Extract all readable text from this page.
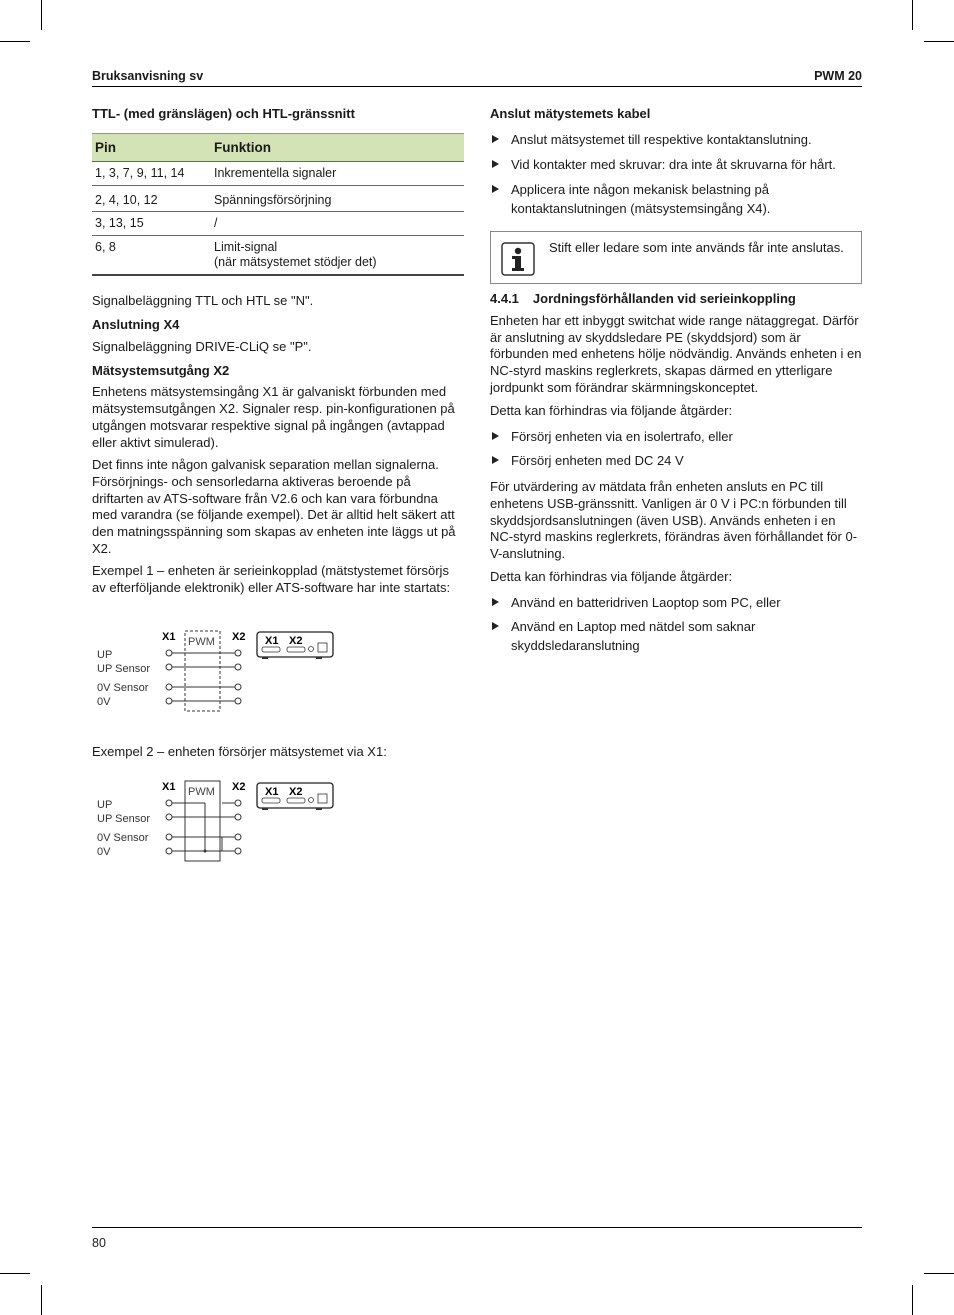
Bruksanvisning sv	PWM 20
TTL- (med gränslägen) och HTL-gränssnitt
Pin	Funktion
1, 3, 7, 9, 11, 14	Inkrementella signaler
2, 4, 10, 12	Spänningsförsörjning
3, 13, 15	/
6, 8	Limit-signal
(när mätsystemet stödjer det)

Signalbeläggning TTL och HTL se "N".

Anslutning X4

Signalbeläggning DRIVE-CLiQ se "P".

Mätsystemsutgång X2

Enhetens mätsystemsingång X1 är galvaniskt förbunden med mätsystemsutgången X2. Signaler resp. pin-konfigurationen på utgången motsvarar respektive signal på ingången (avtappad eller aktivt simulerad).

Det finns inte någon galvanisk separation mellan signalerna. Försörjnings- och sensorledarna aktiveras beroende på driftarten av ATS-software från V2.6 och kan vara förbundna med varandra (se följande exempel). Det är alltid helt säkert att den matningsspänning som skapas av enheten inte läggs ut på X2.

Exempel 1 – enheten är serieinkopplad (mätstystemet försörjs av efterföljande elektronik) eller ATS-software har inte startats:

X1	X2
PWM
UP
UP Sensor
0V Sensor
0V
X1 X2

Exempel 2 – enheten försörjer mätsystemet via X1:

X1	X2
PWM
UP
UP Sensor
0V Sensor
0V
X1 X2
Anslut mätystemets kabel
Anslut mätsystemet till respektive kontaktanslutning.
Vid kontakter med skruvar: dra inte åt skruvarna för hårt.
Applicera inte någon mekanisk belastning på kontaktanslutningen (mätsystemsingång X4).
Stift eller ledare som inte används får inte anslutas.
4.4.1 Jordningsförhållanden vid serieinkoppling

Enheten har ett inbyggt switchat wide range nätaggregat. Därför är anslutning av skyddsledare PE (skyddsjord) som är förbunden med enhetens hölje nödvändig. Används enheten i en NC-styrd maskins reglerkrets, skapas därmed en ytterligare jordpunkt som förändrar skärmningskonceptet.

Detta kan förhindras via följande åtgärder:

Försörj enheten via en isolertrafo, eller
Försörj enheten med DC 24 V

För utvärdering av mätdata från enheten ansluts en PC till enhetens USB-gränssnitt. Vanligen är 0 V i PC:n förbunden till skyddsjordsanslutningen (även USB). Används enheten i en NC-styrd maskins reglerkrets, förändras även förhållandet för 0-V-anslutning.

Detta kan förhindras via följande åtgärder:

Använd en batteridriven Laoptop som PC, eller
Använd en Laptop med nätdel som saknar skyddsledaranslutning
80
